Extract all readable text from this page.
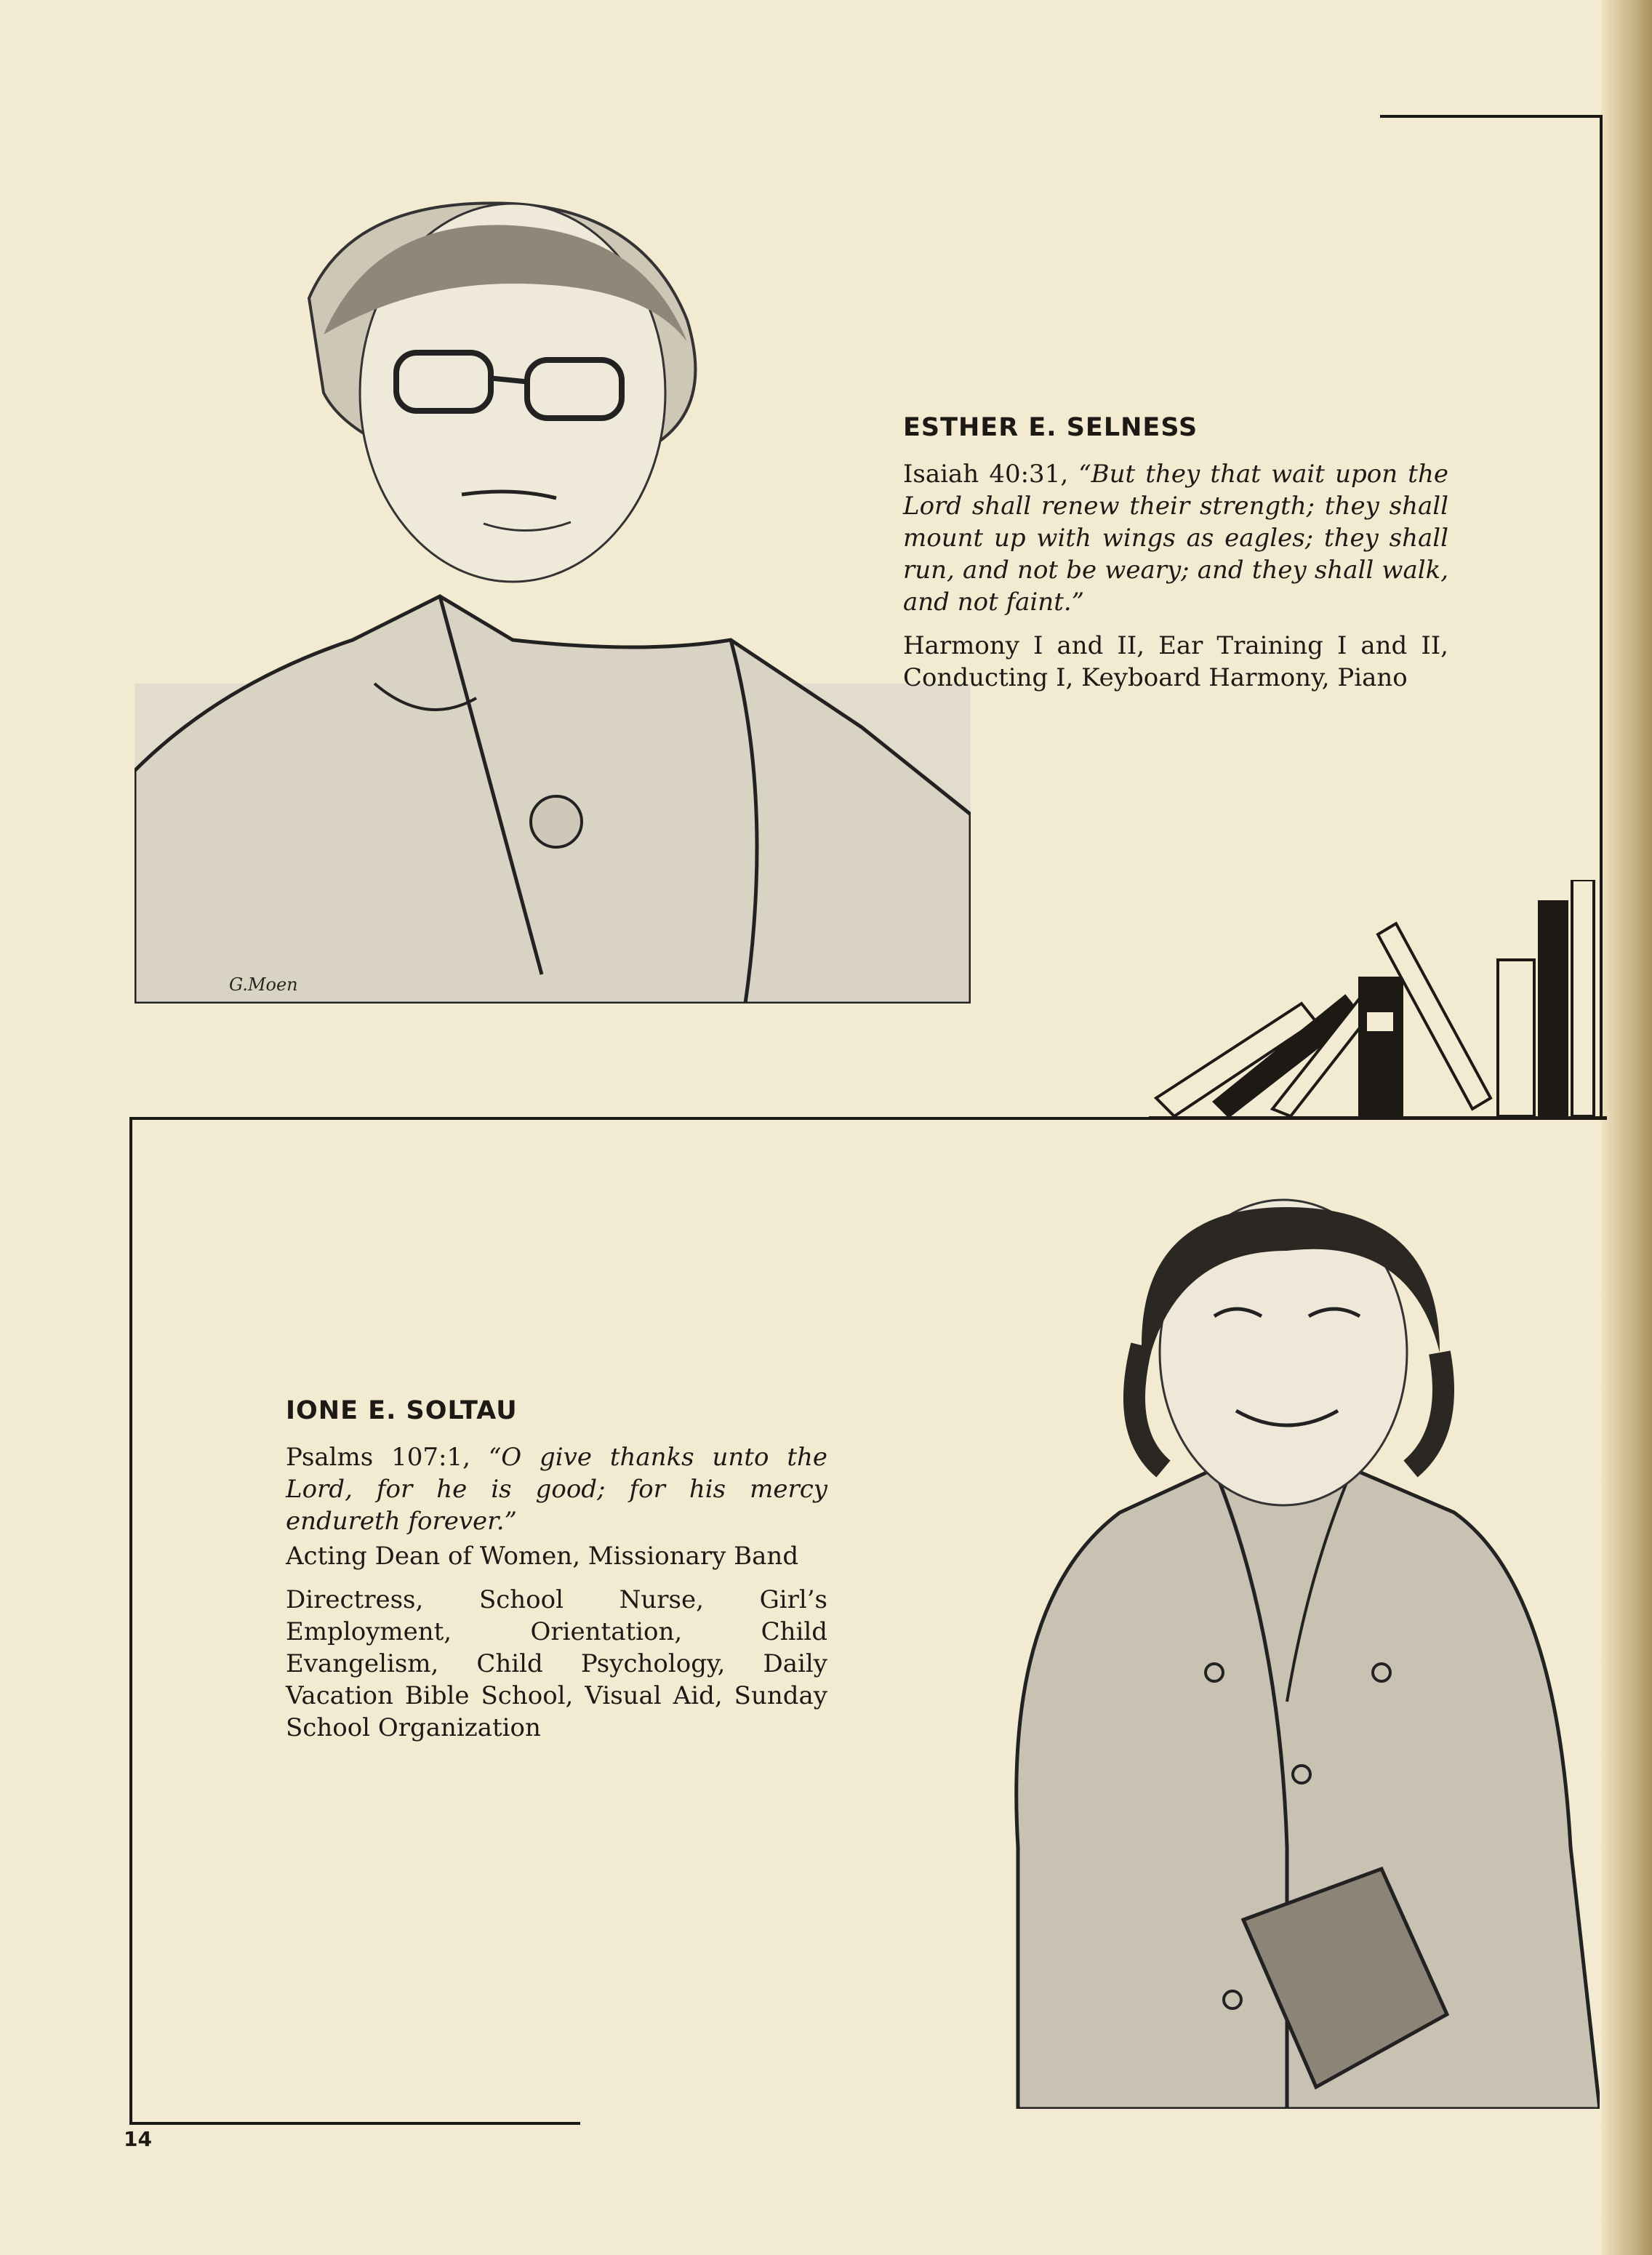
G.Moen
ESTHER E. SELNESS

Isaiah 40:31, “But they that wait upon the Lord shall renew their strength; they shall mount up with wings as eagles; they shall run, and not be weary; and they shall walk, and not faint.”

Harmony I and II, Ear Training I and II, Conducting I, Keyboard Harmony, Piano

IONE E. SOLTAU

Psalms 107:1, “O give thanks unto the Lord, for he is good; for his mercy endureth forever.”

Acting Dean of Women, Missionary Band

Directress, School Nurse, Girl’s Employment, Orientation, Child Evangelism, Child Psychology, Daily Vacation Bible School, Visual Aid, Sunday School Organization

14
